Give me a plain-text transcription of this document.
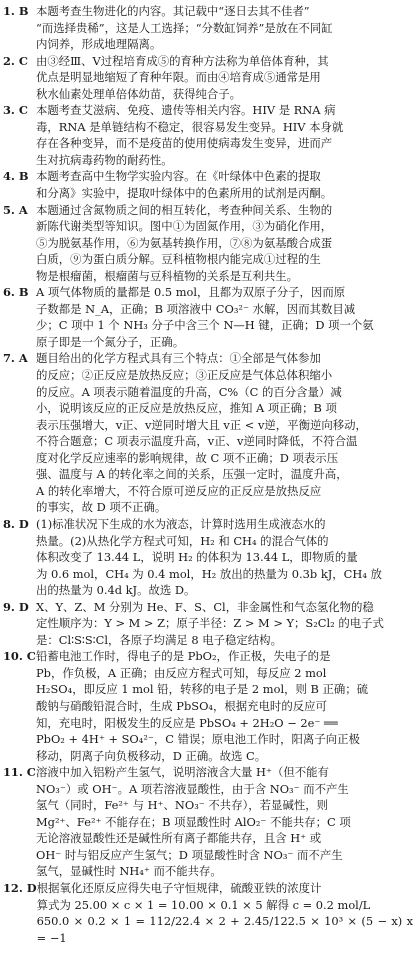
1. B 本题考查生物进化的内容。其记载中“逐日去其不佳者”
“而选择贵稀”，这是人工选择；“分数缸饲养”是放在不同缸
内饲养，形成地理隔离。
2. C 由③经Ⅲ、Ⅴ过程培育成⑤的育种方法称为单倍体育种，其
优点是明显地缩短了育种年限。而由④培育成⑤通常是用
秋水仙素处理单倍体幼苗，获得纯合子。
3. C 本题考查艾滋病、免疫、遗传等相关内容。HIV 是 RNA 病
毒，RNA 是单链结构不稳定，很容易发生变异。HIV 本身就
存在各种变异，而不是疫苗的使用使病毒发生变异，进而产
生对抗病毒药物的耐药性。
4. B 本题考查高中生物学实验内容。在《叶绿体中色素的提取
和分离》实验中，提取叶绿体中的色素所用的试剂是丙酮。
5. A 本题通过含氮物质之间的相互转化，考查种间关系、生物的
新陈代谢类型等知识。图中①为固氮作用，③为硝化作用，
⑤为脱氨基作用，⑥为氨基转换作用，⑦⑧为氨基酸合成蛋
白质，⑨为蛋白质分解。豆科植物根内能完成①过程的生
物是根瘤菌，根瘤菌与豆科植物的关系是互利共生。
6. B A 项气体物质的量都是 0.5 mol，且都为双原子分子，因而原
子数都是 N_A，正确；B 项溶液中 CO₃²⁻ 水解，因而其数目减
少；C 项中 1 个 NH₃ 分子中含三个 N—H 键，正确；D 项一个氨
原子即是一个氮分子，正确。
7. A 题目给出的化学方程式具有三个特点：①全部是气体参加
的反应；②正反应是放热反应；③正反应是气体总体积缩小
的反应。A 项表示随着温度的升高，C%（C 的百分含量）减
小，说明该反应的正反应是放热反应，推知 A 项正确；B 项
表示压强增大，v正、v逆同时增大且 v正 < v逆，平衡逆向移动，
不符合题意；C 项表示温度升高，v正、v逆同时降低，不符合温
度对化学反应速率的影响规律，故 C 项不正确；D 项表示压
强、温度与 A 的转化率之间的关系，压强一定时，温度升高，
A 的转化率增大，不符合原可逆反应的正反应是放热反应
的事实，故 D 项不正确。
8. D (1)标准状况下生成的水为液态，计算时选用生成液态水的
热量。(2)从热化学方程式可知，H₂ 和 CH₄ 的混合气体的
体积改变了 13.44 L，说明 H₂ 的体积为 13.44 L，即物质的量
为 0.6 mol，CH₄ 为 0.4 mol，H₂ 放出的热量为 0.3b kJ，CH₄ 放
出的热量为 0.4d kJ。故选 D。
9. D X、Y、Z、M 分别为 He、F、S、Cl，非金属性和气态氢化物的稳
定性顺序为：Y > M > Z；原子半径：Z > M > Y；S₂Cl₂ 的电子式
是：Cl∶S∶S∶Cl，各原子均满足 8 电子稳定结构。
10. C 铅蓄电池工作时，得电子的是 PbO₂，作正极，失电子的是
Pb，作负极，A 正确；由反应方程式可知，每反应 2 mol
H₂SO₄，即反应 1 mol 铅，转移的电子是 2 mol，则 B 正确；硫
酸钠与硝酸铅混合时，生成 PbSO₄，根据充电时的反应可
知，充电时，阳极发生的反应是 PbSO₄ + 2H₂O − 2e⁻ ══
PbO₂ + 4H⁺ + SO₄²⁻，C 错误；原电池工作时，阳离子向正极
移动，阴离子向负极移动，D 正确。故选 C。
11. C 溶液中加入铝粉产生氢气，说明溶液含大量 H⁺（但不能有
NO₃⁻）或 OH⁻。A 项若溶液显酸性，由于含 NO₃⁻ 而不产生
氢气（同时，Fe²⁺ 与 H⁺、NO₃⁻ 不共存），若显碱性，则
Mg²⁺、Fe²⁺ 不能存在；B 项显酸性时 AlO₂⁻ 不能共存；C 项
无论溶液显酸性还是碱性所有离子都能共存，且含 H⁺ 或
OH⁻ 时与铝反应产生氢气；D 项显酸性时含 NO₃⁻ 而不产生
氢气，显碱性时 NH₄⁺ 而不能共存。
12. D 根据氧化还原反应得失电子守恒规律，硫酸亚铁的浓度计
算式为 25.00 × c × 1 = 10.00 × 0.1 × 5 解得 c = 0.2 mol/L
650.0 × 0.2 × 1 = 112/22.4 × 2 + 2.45/122.5 × 10³ × (5 − x) x = −1
